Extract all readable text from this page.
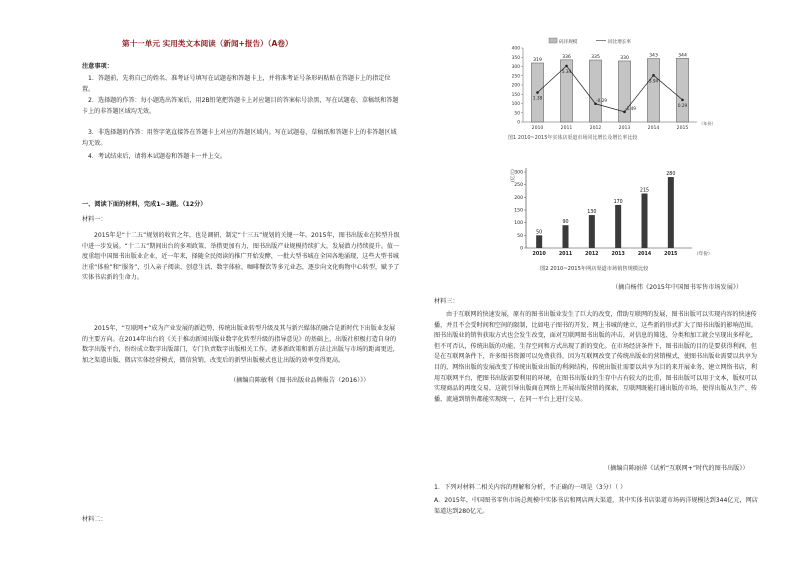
第十一单元 实用类文本阅读（新闻+报告）（A卷）
注意事项：
1．答题前，先将自己的姓名、准考证号填写在试题卷和答题卡上，并将准考证号条形码粘贴在答题卡上的指定位置。
2．选择题的作答：每小题选出答案后，用2B铅笔把答题卡上对应题目的答案标号涂黑，写在试题卷、草稿纸和答题卡上的非答题区域均无效。
3．非选择题的作答：用签字笔直接答在答题卡上对应的答题区域内。写在试题卷、草稿纸和答题卡上的非答题区域均无效。
4．考试结束后，请将本试题卷和答题卡一并上交。
一、阅读下面的材料，完成1~3题。（12分）
材料一：
2015年是“十二五”规划的收官之年，也是调研、制定“十三五”规划的关键一年。2015年，图书出版业在转型升级中进一步发展。“十二五”期间出台的多项政策、举措更加有力，图书出版产业规模持续扩大，发展潜力持续提升。值一度重组中国图书出版业企业，近一年来，择随全民阅读的推广开始发酵，一批大型书城在全国各地涌现，这些大型书城注重“体验”和“服务”，引入亲子阅读、创意生活、数字体验、咖啡餐饮等多元业态，逐步向文化购物中心转型，赋予了实体书店新的生命力。
2015年，“互联网+”成为产业发展的新趋势，传统出版业转型升级及其与新兴媒体的融合是新时代下出版业发展的主要方向。在2014年出台的《关于推动新闻出版业数字化转型升级的指导意见》的基础上，出版社积极打造自身的数字出版平台，纷纷成立数字出版部门，专门负责数字出版相关工作。诸多新政策和新方法让出版与市场的距离更近，加之渠道出版、微店实体经营模式，微信营销，改变后的新型出版模式也让出版的效率变得更高。
（摘编自陈敏利《图书出版业品牌报告（2016）》）
材料二：
码洋规模	同比增长率
0
50
100
150
200
250
300
350
400
319
2010
336
2011
335
2012
330
2013
343
2014
344
2015
1.38
5.34
-0.29
-1.49
3.94
0.29
（年份）
图1 2010~2015年实体店渠道市场同比增长及增长率比较
(亿元)
0
50
100
150
200
250
300
50
2010
90
2011
130
2012
170
2013
215
2014
280
2015	（年份）
图2 2010~2015年网店渠道市场销售规模比较
（摘自杨伟《2015年中国图书零售市场发展》）
材料三：
由于互联网的快速发展，原有的图书出版业发生了巨大的改变，借助互联网的发展，图书出版可以实现内容的快速传播，并且不会受时间和空间的限制，比如电子图书的开发，网上书城的建立，这些新的形式扩大了图书出版的影响范围。图书出版业的销售获取方式也会发生改变，面对互联网图书出版的冲击，对信息的筛选、分类和加工就会呈现出多样化，但不可否认，传统出版的功能、生存空间和方式出现了新的变化。在市场经济条件下，图书出版的目的是要获得利润，但是在互联网条件下，许多图书资源可以免费获得，因为互联网改变了传统出版业的营销模式，使图书出版业需要以共享为目的，网络出版的发展改变了传统出版业出版的利润结构，传统出版社需要以共享为目的来开展业务，建立网络书店，利用互联网平台，把图书出版需要利用的环境，在图书出版业的生存中占有较大的比重，图书出版可以用于文本，版权可以实现商品的再度交易，这就引导出版商在网络上开展出版营销的探索，互联网既能打通出版的市场，使得出版从生产、传播、流通到销售都能实现统一，在同一平台上进行交易。
（摘编自陈丽萍《试析“互联网+”时代的图书出版》）
1．下列对材料二相关内容的理解和分析，不正确的一项是（3分）（ ）
A．2015年，中国图书零售市场总规模中实体书店和网店两大渠道，其中实体书店渠道市场码洋规模达到344亿元，网店渠道达到280亿元。
